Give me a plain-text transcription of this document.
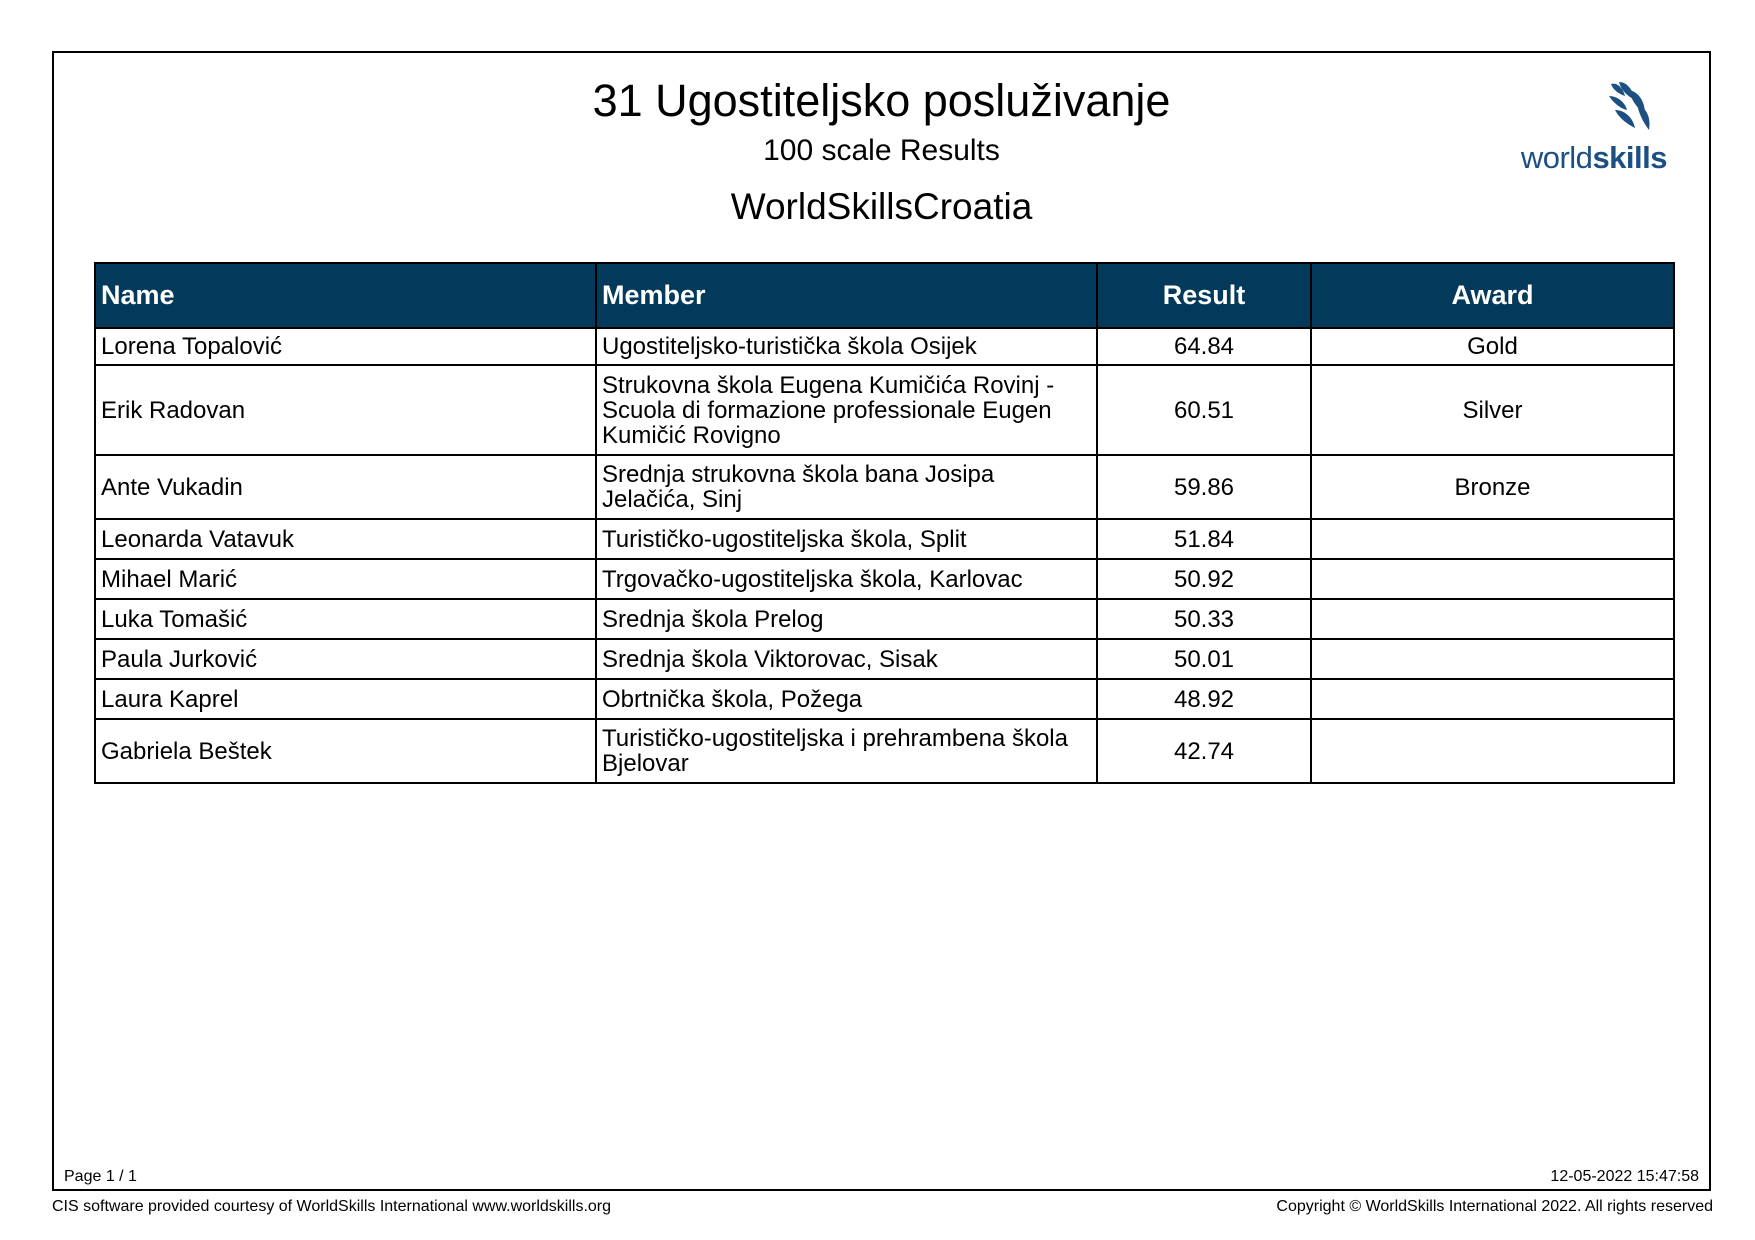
31 Ugostiteljsko posluživanje
100 scale Results
WorldSkillsCroatia
worldskills
Name	Member	Result	Award
Lorena Topalović	Ugostiteljsko-turistička škola Osijek	64.84	Gold
Erik Radovan	Strukovna škola Eugena Kumičića Rovinj - Scuola di formazione professionale Eugen Kumičić Rovigno	60.51	Silver
Ante Vukadin	Srednja strukovna škola bana Josipa Jelačića, Sinj	59.86	Bronze
Leonarda Vatavuk	Turističko-ugostiteljska škola, Split	51.84	
Mihael Marić	Trgovačko-ugostiteljska škola, Karlovac	50.92	
Luka Tomašić	Srednja škola Prelog	50.33	
Paula Jurković	Srednja škola Viktorovac, Sisak	50.01	
Laura Kaprel	Obrtnička škola, Požega	48.92	
Gabriela Beštek	Turističko-ugostiteljska i prehrambena škola Bjelovar	42.74	
Page 1 / 1	12-05-2022 15:47:58
CIS software provided courtesy of WorldSkills International www.worldskills.org	Copyright © WorldSkills International 2022. All rights reserved
